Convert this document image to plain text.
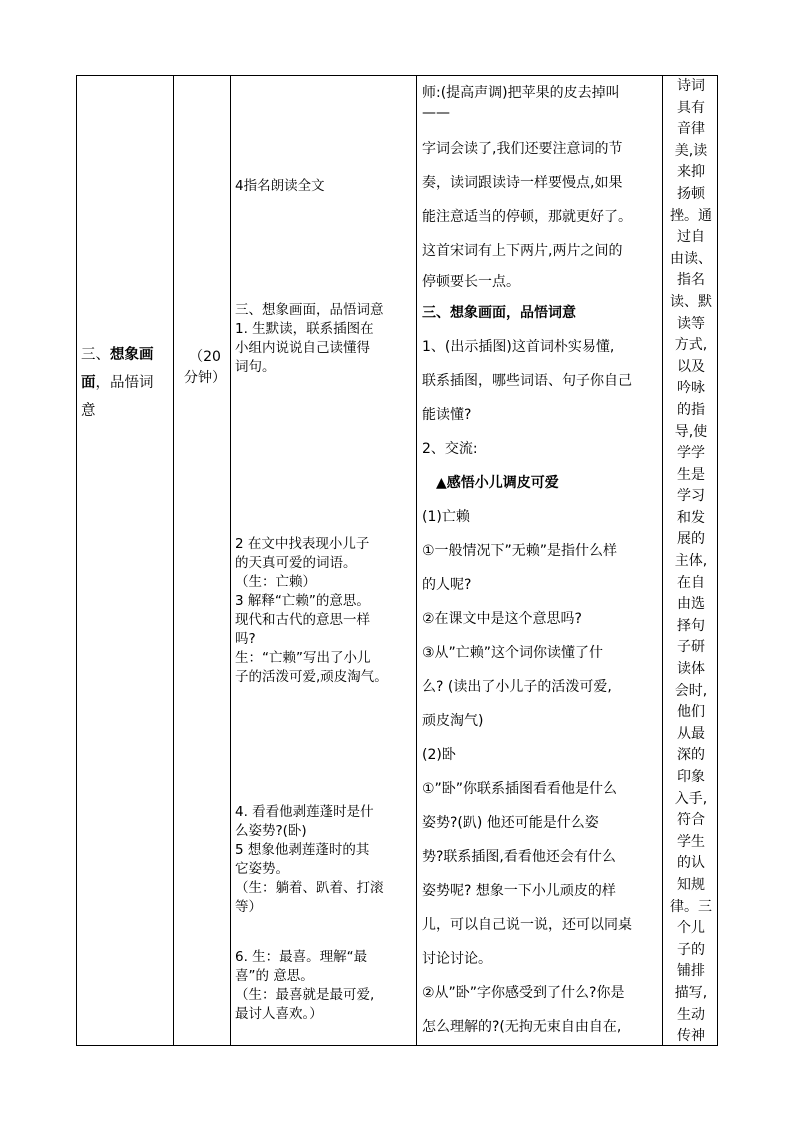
三、想象画
面，品悟词
意
（20
分钟）
4指名朗读全文
三、想象画面，品悟词意
1. 生默读，联系插图在
小组内说说自己读懂得
词句。
2 在文中找表现小儿子
的天真可爱的词语。
（生：亡赖）
3 解释“亡赖”的意思。
现代和古代的意思一样
吗?
生：“亡赖”写出了小儿
子的活泼可爱,顽皮淘气。
4. 看看他剥莲蓬时是什
么姿势?(卧)
5 想象他剥莲蓬时的其
它姿势。
（生：躺着、趴着、打滚
等）
6. 生：最喜。理解“最
喜”的 意思。
（生：最喜就是最可爱,
最讨人喜欢。）

师:(提高声调)把苹果的皮去掉叫

——

字词会读了,我们还要注意词的节

奏，读词跟读诗一样要慢点,如果

能注意适当的停顿，那就更好了。

这首宋词有上下两片,两片之间的

停顿要长一点。

三、想象画面，品悟词意

1、(出示插图)这首词朴实易懂,

联系插图，哪些词语、句子你自己

能读懂?

2、交流:

▲感悟小儿调皮可爱

(1)亡赖

①一般情况下”无赖”是指什么样

的人呢?

②在课文中是这个意思吗?

③从”亡赖”这个词你读懂了什

么? (读出了小儿子的活泼可爱,

顽皮淘气)

(2)卧

①”卧”你联系插图看看他是什么

姿势?(趴) 他还可能是什么姿

势?联系插图,看看他还会有什么

姿势呢? 想象一下小儿顽皮的样

儿，可以自己说一说，还可以同桌

讨论讨论。

②从”卧”字你感受到了什么?你是

怎么理解的?(无拘无束自由自在,

诗词
具有
音律
美,读
来抑
扬顿
挫。通
过自
由读、
指名
读、默
读等
方式,
以及
吟咏
的指
导,使
学学
生是
学习
和发
展的
主体,
在自
由选
择句
子研
读体
会时,
他们
从最
深的
印象
入手,
符合
学生
的认
知规
律。三
个儿
子的
铺排
描写,
生动
传神
